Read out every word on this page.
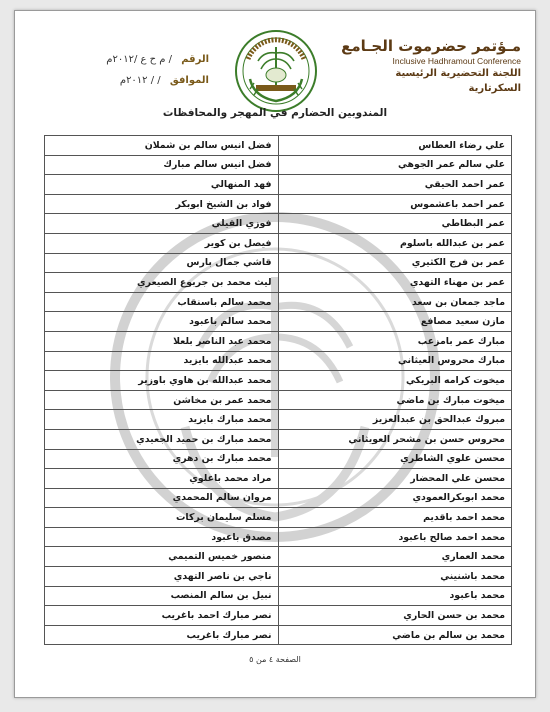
الرقم / م ح ع /٢٠١٢م
الموافق / / ٢٠١٢م
مـؤتمر حضرموت الجـامع
Inclusive Hadhramout Conference
اللجنة التحضيرية الرئيسية
السكرتارية
المندوبين الحضارم في المهجر والمحافظات
علي رضاء العطاس	فضل انيس سالم بن شملان
علي سالم عمر الجوهي	فضل انيس سالم مبارك
عمر احمد الحيقي	فهد المنهالي
عمر احمد باعشموس	فواد بن الشيخ ابوبكر
عمر البطاطي	فوزي القيلي
عمر بن عبدالله باسلوم	فيصل بن كوير
عمر بن فرج الكثيري	قاشي جمال بارس
عمر بن مهناء التهدي	ليث محمد بن جربوع الصيعري
ماجد جمعان بن سعد	محمد سالم باسنقاب
مازن سعيد مصافع	محمد سالم باعبود
مبارك عمر بامزعب	محمد عبد الناصر بلعلا
مبارك محروس العيثاني	محمد عبدالله بايزيد
ميخوت كرامه البريكي	محمد عبدالله بن هاوي باوزير
ميخوت مبارك بن ماضي	محمد عمر بن مخاشن
مبروك عبدالحق بن عبدالعزيز	محمد مبارك بايزيد
محروس حسن بن مشحر العويثاني	محمد مبارك بن حميد الجعيدي
محسن علوي الشاطري	محمد مبارك بن دهري
محسن علي المحضار	مراد محمد باعلوي
محمد ابوبكرالعمودي	مروان سالم المحمدي
محمد احمد باقديم	مسلم سليمان بركات
محمد احمد صالح باعبود	مصدق باعبود
محمد العماري	منصور خميس التميمي
محمد باشنيني	ناجي بن ناصر التهدي
محمد باعبود	نبيل بن سالم المنصب
محمد بن حسن الحاري	نصر مبارك احمد باغريب
محمد بن سالم بن ماضي	نصر مبارك باغريب
الصفحة ٤ من ٥
